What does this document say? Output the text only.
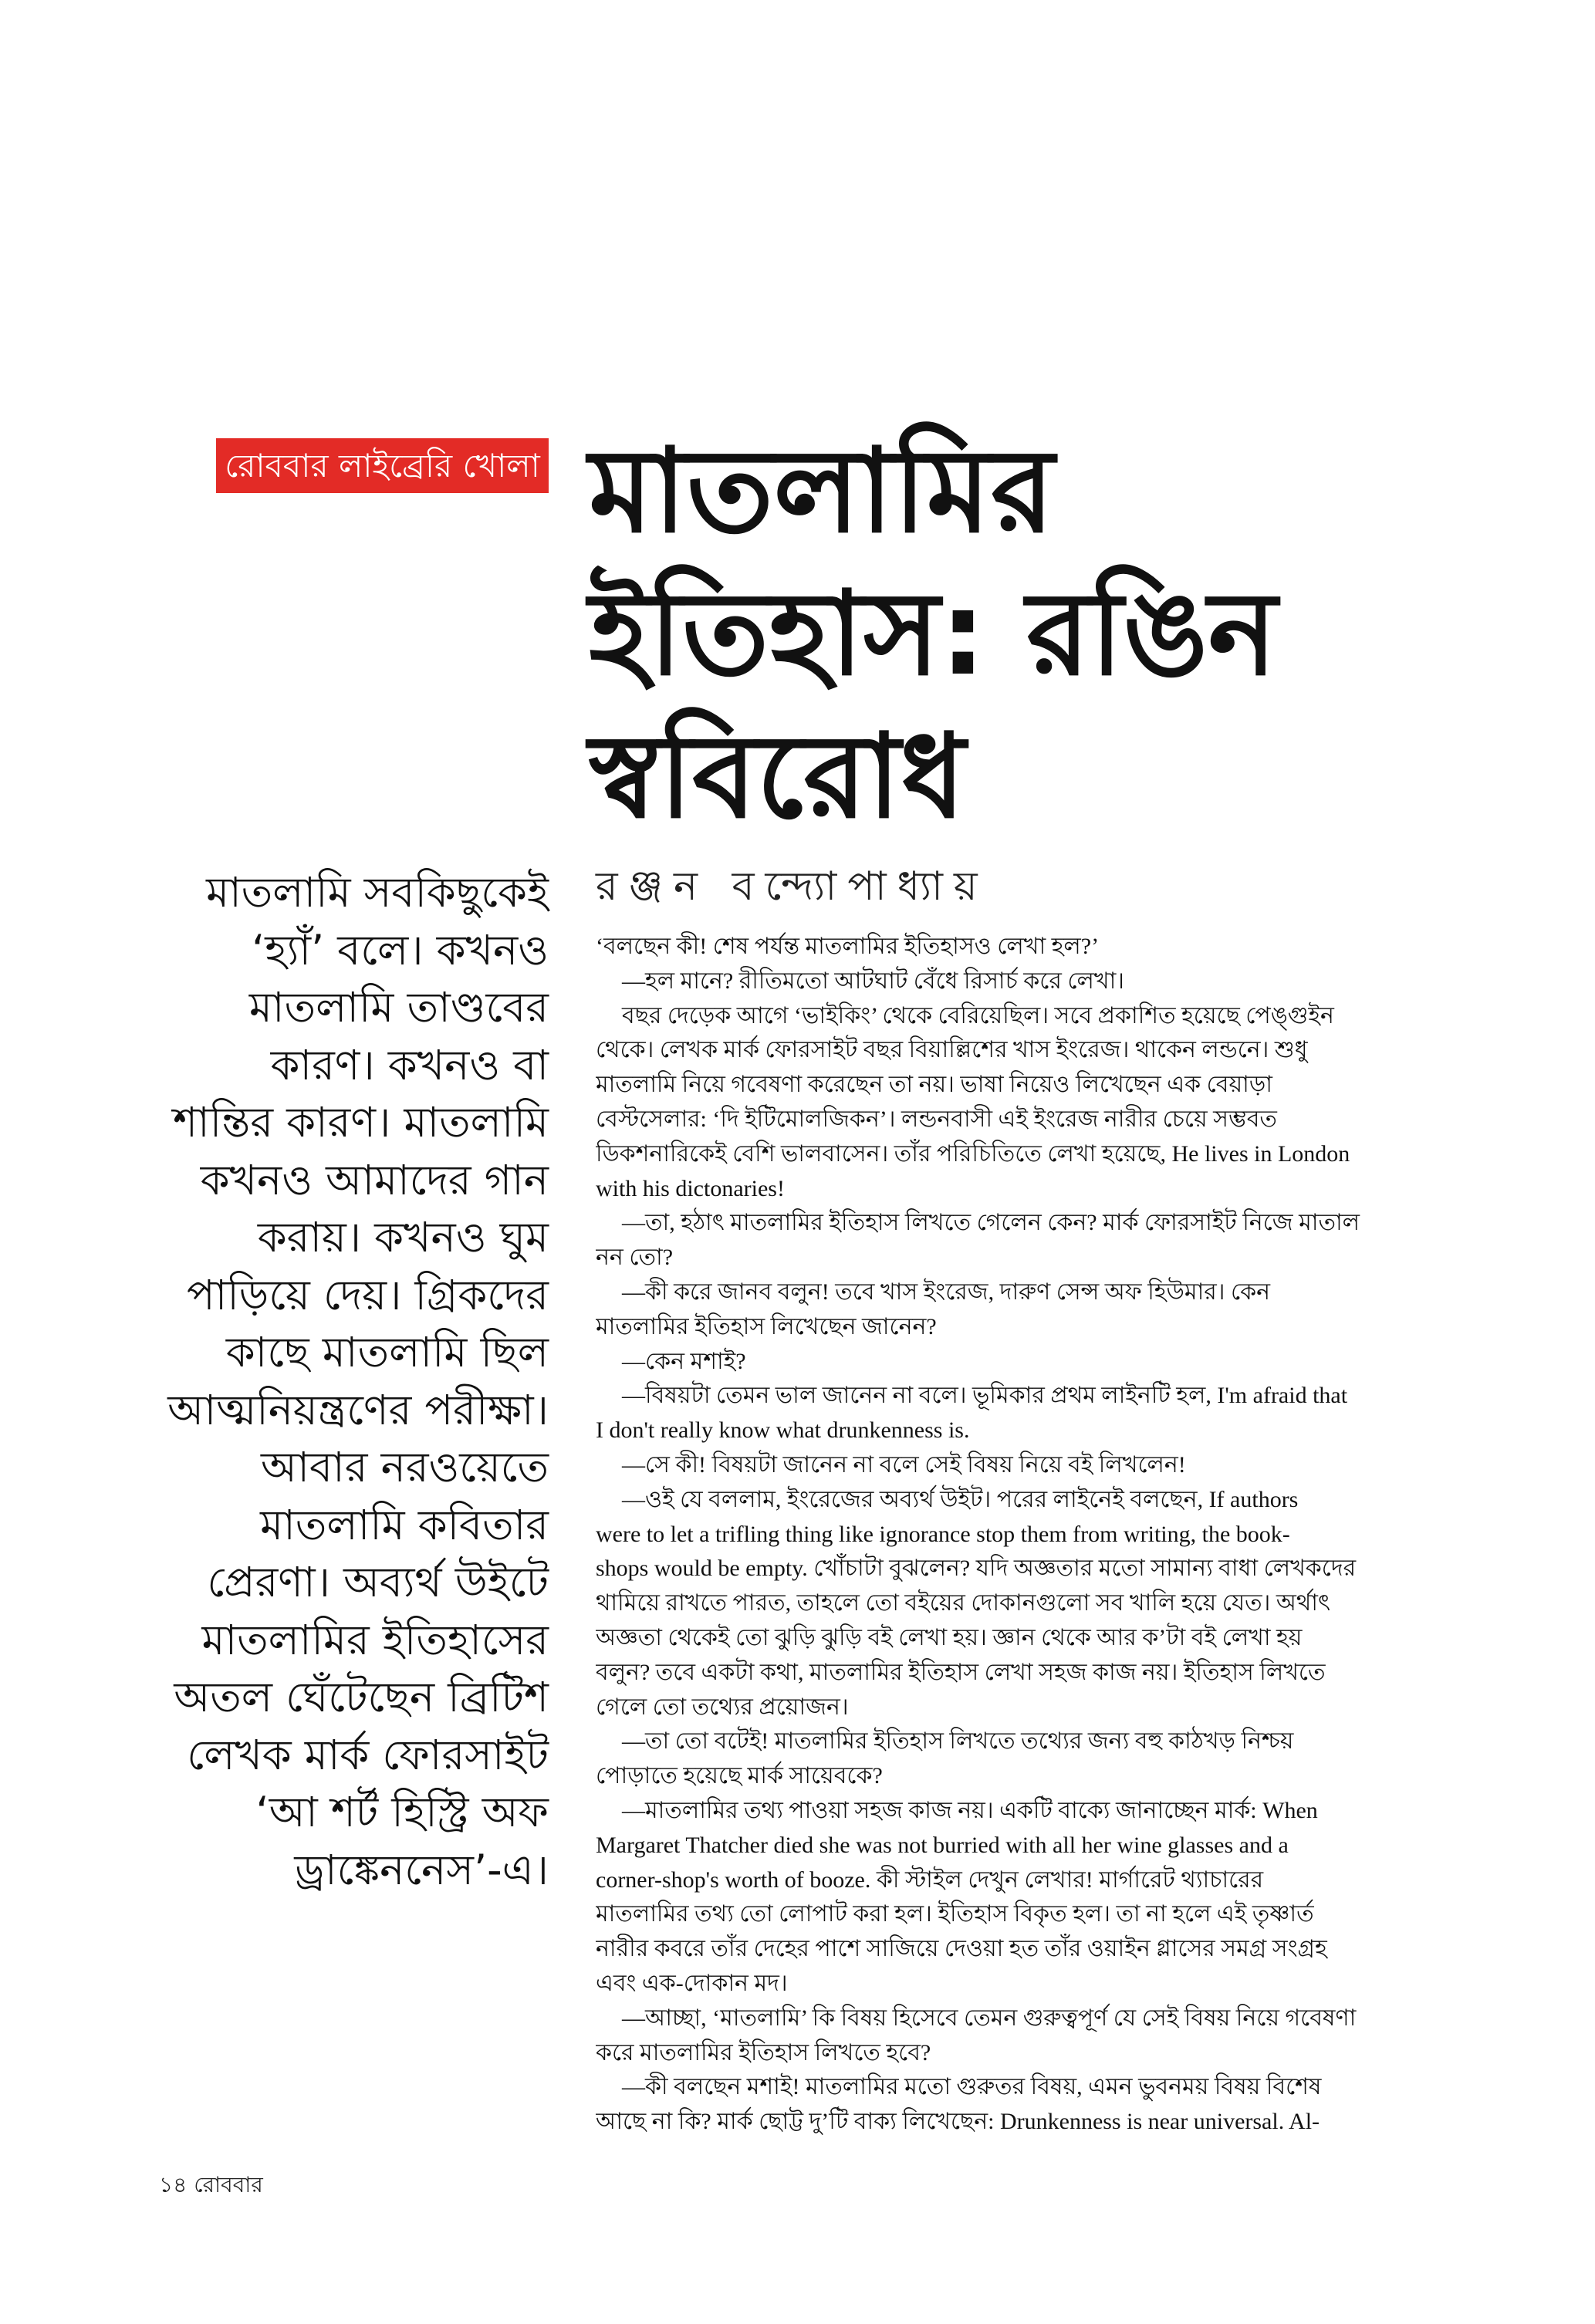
রোববার লাইব্রেরি খোলা মাতলামির
ইতিহাস: রঙিন
স্ববিরোধ
রঞ্জন বন্দ্যোপাধ্যায়
মাতলামি সবকিছুকেই
‘হ্যাঁ’ বলে। কখনও
মাতলামি তাণ্ডবের
কারণ। কখনও বা
শান্তির কারণ। মাতলামি
কখনও আমাদের গান
করায়। কখনও ঘুম
পাড়িয়ে দেয়। গ্রিকদের
কাছে মাতলামি ছিল
আত্মনিয়ন্ত্রণের পরীক্ষা।
আবার নরওয়েতে
মাতলামি কবিতার
প্রেরণা। অব্যর্থ উইটে
মাতলামির ইতিহাসের
অতল ঘেঁটেছেন ব্রিটিশ
লেখক মার্ক ফোরসাইট
‘আ শর্ট হিস্ট্রি অফ
ড্রাঙ্কেননেস’-এ।
‘বলছেন কী! শেষ পর্যন্ত মাতলামির ইতিহাসও লেখা হল?’
—হল মানে? রীতিমতো আটঘাট বেঁধে রিসার্চ করে লেখা।
বছর দেড়েক আগে ‘ভাইকিং’ থেকে বেরিয়েছিল। সবে প্রকাশিত হয়েছে পেঙ্গুইন
থেকে। লেখক মার্ক ফোরসাইট বছর বিয়াল্লিশের খাস ইংরেজ। থাকেন লন্ডনে। শুধু
মাতলামি নিয়ে গবেষণা করেছেন তা নয়। ভাষা নিয়েও লিখেছেন এক বেয়াড়া
বেস্টসেলার: ‘দি ইটিমোলজিকন’। লন্ডনবাসী এই ইংরেজ নারীর চেয়ে সম্ভবত
ডিকশনারিকেই বেশি ভালবাসেন। তাঁর পরিচিতিতে লেখা হয়েছে, He lives in London
with his dictonaries!
—তা, হঠাৎ মাতলামির ইতিহাস লিখতে গেলেন কেন? মার্ক ফোরসাইট নিজে মাতাল
নন তো?
—কী করে জানব বলুন! তবে খাস ইংরেজ, দারুণ সেন্স অফ হিউমার। কেন
মাতলামির ইতিহাস লিখেছেন জানেন?
—কেন মশাই?
—বিষয়টা তেমন ভাল জানেন না বলে। ভূমিকার প্রথম লাইনটি হল, I'm afraid that
I don't really know what drunkenness is.
—সে কী! বিষয়টা জানেন না বলে সেই বিষয় নিয়ে বই লিখলেন!
—ওই যে বললাম, ইংরেজের অব্যর্থ উইট। পরের লাইনেই বলছেন, If authors
were to let a trifling thing like ignorance stop them from writing, the book-
shops would be empty. খোঁচাটা বুঝলেন? যদি অজ্ঞতার মতো সামান্য বাধা লেখকদের
থামিয়ে রাখতে পারত, তাহলে তো বইয়ের দোকানগুলো সব খালি হয়ে যেত। অর্থাৎ
অজ্ঞতা থেকেই তো ঝুড়ি ঝুড়ি বই লেখা হয়। জ্ঞান থেকে আর ক’টা বই লেখা হয়
বলুন? তবে একটা কথা, মাতলামির ইতিহাস লেখা সহজ কাজ নয়। ইতিহাস লিখতে
গেলে তো তথ্যের প্রয়োজন।
—তা তো বটেই! মাতলামির ইতিহাস লিখতে তথ্যের জন্য বহু কাঠখড় নিশ্চয়
পোড়াতে হয়েছে মার্ক সায়েবকে?
—মাতলামির তথ্য পাওয়া সহজ কাজ নয়। একটি বাক্যে জানাচ্ছেন মার্ক: When
Margaret Thatcher died she was not burried with all her wine glasses and a
corner-shop's worth of booze. কী স্টাইল দেখুন লেখার! মার্গারেট থ্যাচারের
মাতলামির তথ্য তো লোপাট করা হল। ইতিহাস বিকৃত হল। তা না হলে এই তৃষ্ণার্ত
নারীর কবরে তাঁর দেহের পাশে সাজিয়ে দেওয়া হত তাঁর ওয়াইন গ্লাসের সমগ্র সংগ্রহ
এবং এক-দোকান মদ।
—আচ্ছা, ‘মাতলামি’ কি বিষয় হিসেবে তেমন গুরুত্বপূর্ণ যে সেই বিষয় নিয়ে গবেষণা
করে মাতলামির ইতিহাস লিখতে হবে?
—কী বলছেন মশাই! মাতলামির মতো গুরুতর বিষয়, এমন ভুবনময় বিষয় বিশেষ
আছে না কি? মার্ক ছোট্ট দু’টি বাক্য লিখেছেন: Drunkenness is near universal. Al-
১৪ রোববার
